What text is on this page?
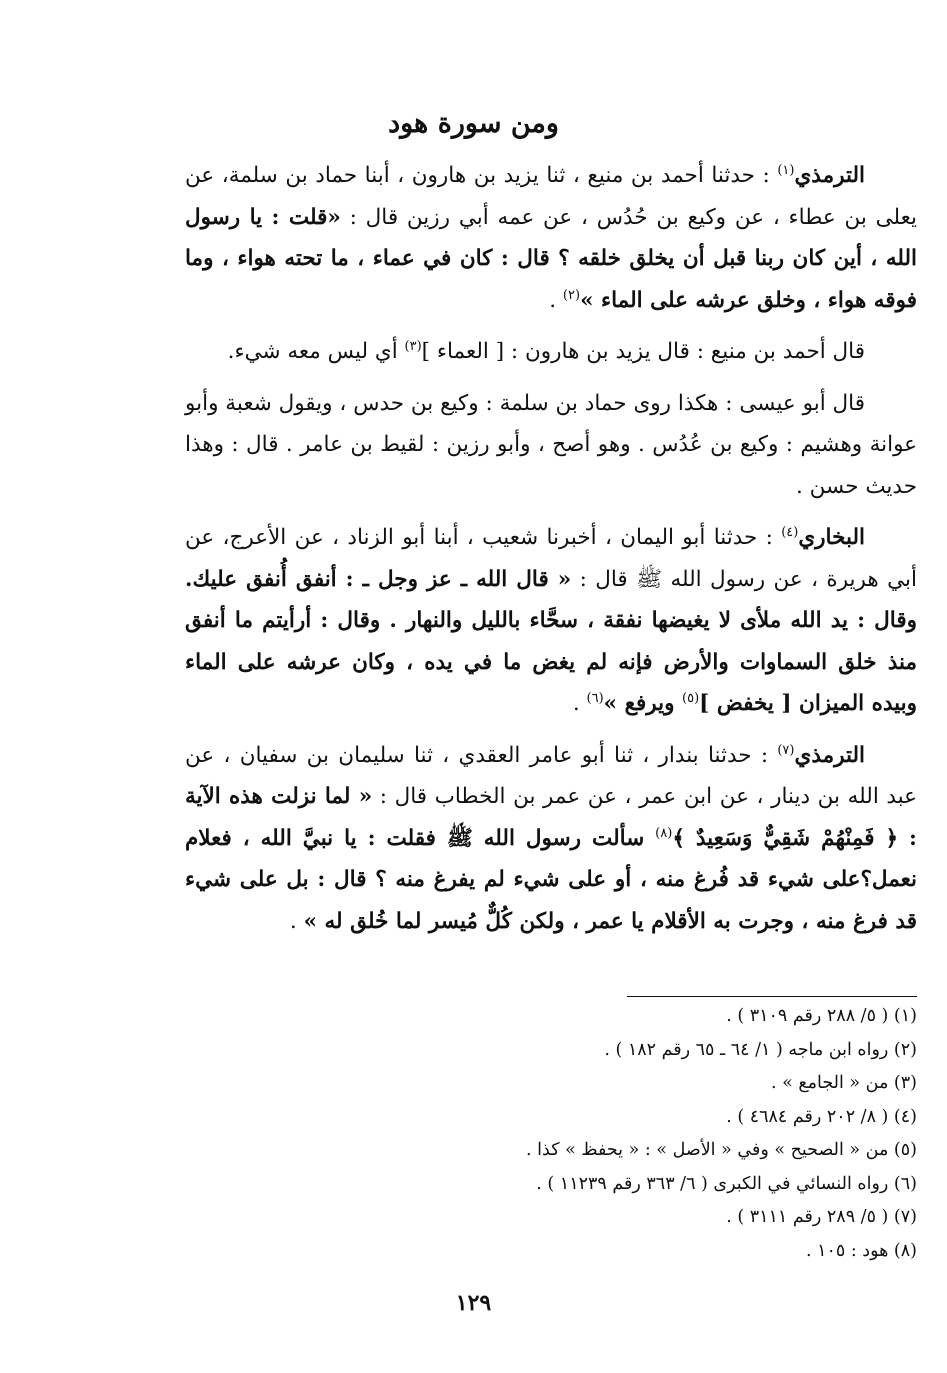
ومن سورة هود

الترمذي$^{(١)}$ : حدثنا أحمد بن منيع ، ثنا يزيد بن هارون ، أبنا حماد بن سلمة، عن يعلى بن عطاء ، عن وكيع بن حُدُس ، عن عمه أبي رزين قال : «قلت : يا رسول الله ، أين كان ربنا قبل أن يخلق خلقه ؟ قال : كان في عماء ، ما تحته هواء ، وما فوقه هواء ، وخلق عرشه على الماء »$^{(٢)}$ .

قال أحمد بن منيع : قال يزيد بن هارون : [ العماء ]$^{(٣)}$ أي ليس معه شيء.

قال أبو عيسى : هكذا روى حماد بن سلمة : وكيع بن حدس ، ويقول شعبة وأبو عوانة وهشيم : وكيع بن عُدُس . وهو أصح ، وأبو رزين : لقيط بن عامر . قال : وهذا حديث حسن .

البخاري$^{(٤)}$ : حدثنا أبو اليمان ، أخبرنا شعيب ، أبنا أبو الزناد ، عن الأعرج، عن أبي هريرة ، عن رسول الله ﷺ قال : « قال الله ـ عز وجل ـ : أنفق أُنفق عليك. وقال : يد الله ملأى لا يغيضها نفقة ، سحَّاء بالليل والنهار . وقال : أرأيتم ما أنفق منذ خلق السماوات والأرض فإنه لم يغض ما في يده ، وكان عرشه على الماء وبيده الميزان [ يخفض ]$^{(٥)}$ ويرفع »$^{(٦)}$ .

الترمذي$^{(٧)}$ : حدثنا بندار ، ثنا أبو عامر العقدي ، ثنا سليمان بن سفيان ، عن عبد الله بن دينار ، عن ابن عمر ، عن عمر بن الخطاب قال : « لما نزلت هذه الآية : ﴿ فَمِنْهُمْ شَقِيٌّ وَسَعِيدٌ ﴾$^{(٨)}$ سألت رسول الله ﷺ فقلت : يا نبيَّ الله ، فعلام نعمل؟على شيء قد فُرغ منه ، أو على شيء لم يفرغ منه ؟ قال : بل على شيء قد فرغ منه ، وجرت به الأقلام يا عمر ، ولكن كُلٌّ مُيسر لما خُلق له » .

(١) ( ٥/ ٢٨٨ رقم ٣١٠٩ ) .
(٢) رواه ابن ماجه ( ١/ ٦٤ ـ ٦٥ رقم ١٨٢ ) .
(٣) من « الجامع » .
(٤) ( ٨/ ٢٠٢ رقم ٤٦٨٤ ) .
(٥) من « الصحيح » وفي « الأصل » : « يحفظ » كذا .
(٦) رواه النسائي في الكبرى ( ٦/ ٣٦٣ رقم ١١٢٣٩ ) .
(٧) ( ٥/ ٢٨٩ رقم ٣١١١ ) .
(٨) هود : ١٠٥ .
١٢٩
